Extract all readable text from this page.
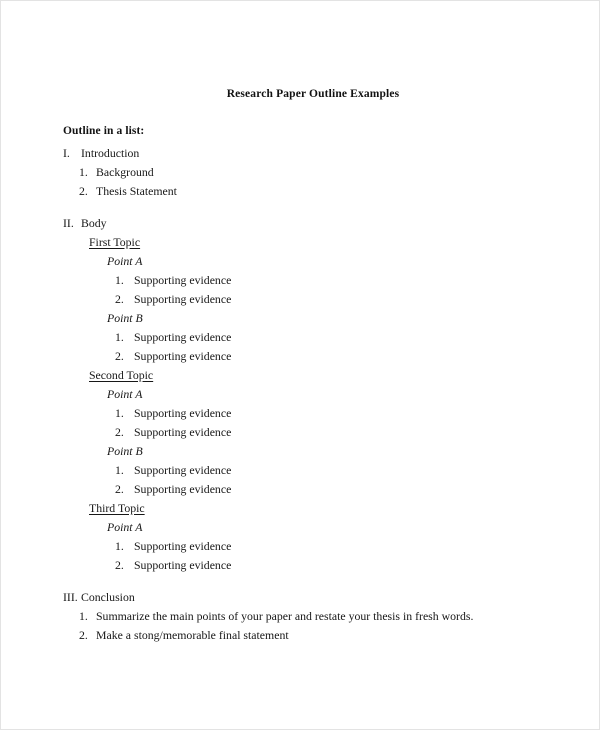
Research Paper Outline Examples
Outline in a list:
I. Introduction
1. Background
2. Thesis Statement
II. Body
First Topic
Point A
1. Supporting evidence
2. Supporting evidence
Point B
1. Supporting evidence
2. Supporting evidence
Second Topic
Point A
1. Supporting evidence
2. Supporting evidence
Point B
1. Supporting evidence
2. Supporting evidence
Third Topic
Point A
1. Supporting evidence
2. Supporting evidence
III. Conclusion
1. Summarize the main points of your paper and restate your thesis in fresh words.
2. Make a stong/memorable final statement
